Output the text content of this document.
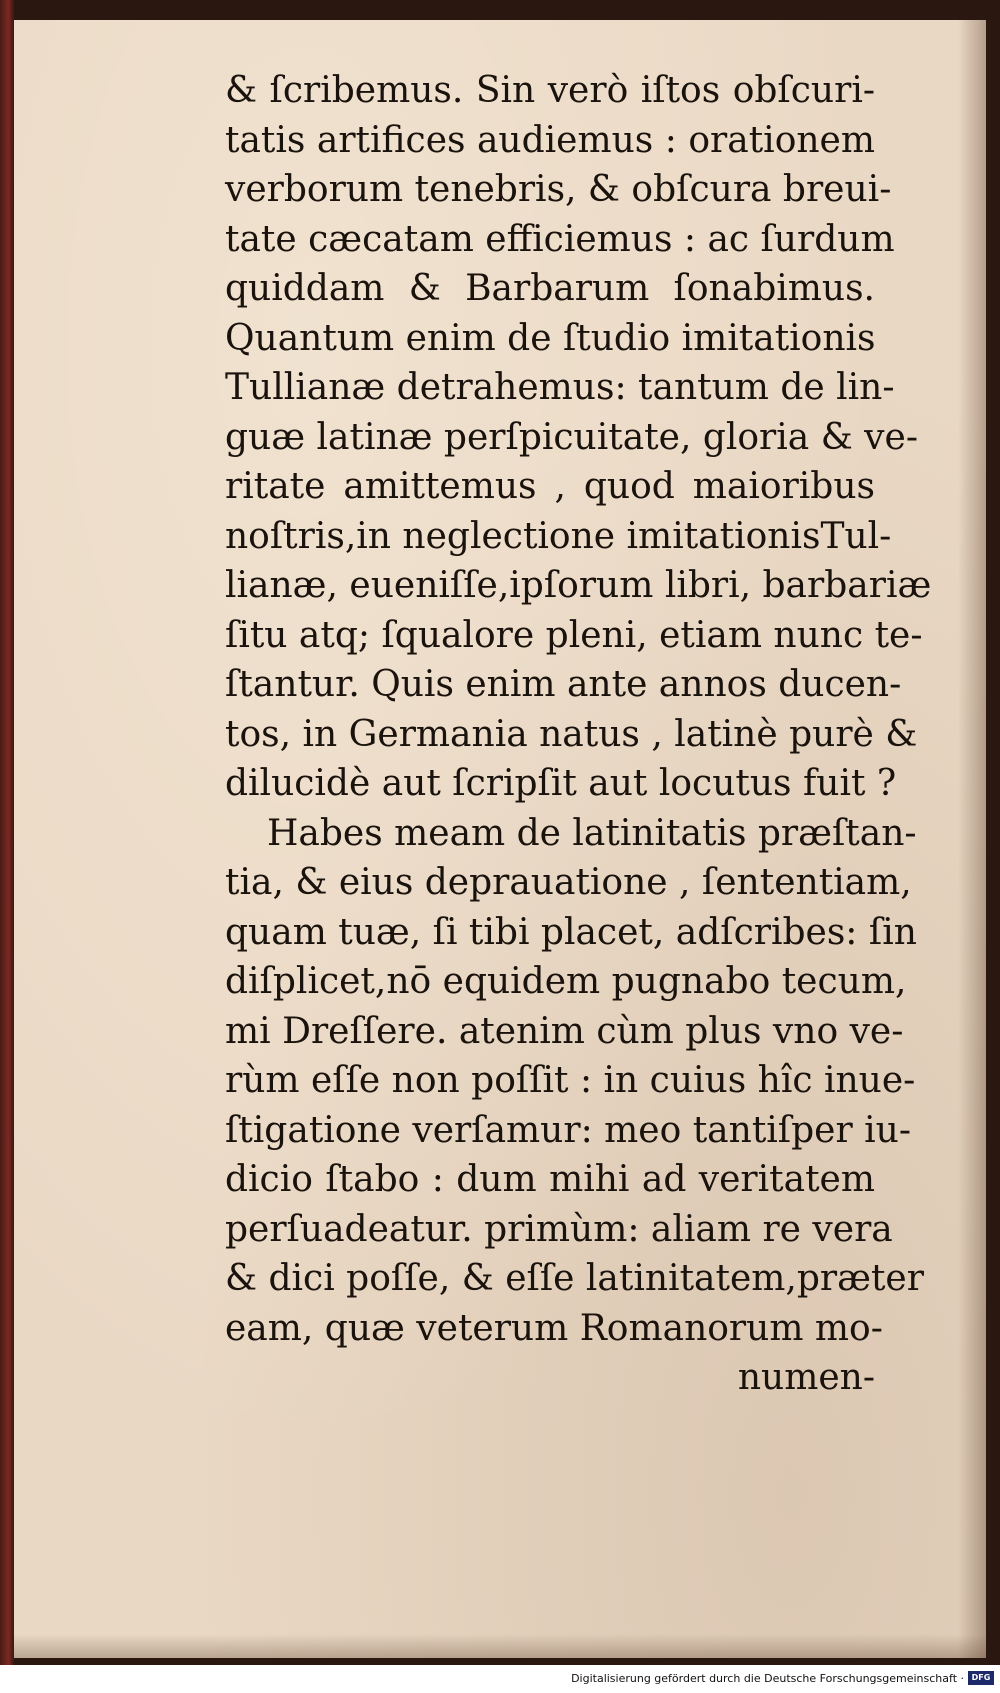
& ſcribemus. Sin verò iſtos obſcuri-
tatis artifices audiemus : orationem
verborum tenebris, & obſcura breui-
tate cæcatam efficiemus : ac ſurdum
quiddam & Barbarum ſonabimus.
Quantum enim de ſtudio imitationis
Tullianæ detrahemus: tantum de lin-
guæ latinæ perſpicuitate, gloria & ve-
ritate amittemus , quod maioribus
noſtris,in neglectione imitationisTul-
lianæ, eueniſſe,ipſorum libri, barbariæ
ſitu atq; ſqualore pleni, etiam nunc te-
ſtantur. Quis enim ante annos ducen-
tos, in Germania natus , latinè purè &
dilucidè aut ſcripſit aut locutus fuit ?
Habes meam de latinitatis præſtan-
tia, & eius deprauatione , ſententiam,
quam tuæ, ſi tibi placet, adſcribes: ſin
diſplicet,nō equidem pugnabo tecum,
mi Dreſſere. atenim cùm plus vno ve-
rùm eſſe non poſſit : in cuius hîc inue-
ſtigatione verſamur: meo tantiſper iu-
dicio ſtabo : dum mihi ad veritatem
perſuadeatur. primùm: aliam re vera
& dici poſſe, & eſſe latinitatem,præter
eam, quæ veterum Romanorum mo-
numen-
Digitalisierung gefördert durch die Deutsche Forschungsgemeinschaft · DFG
